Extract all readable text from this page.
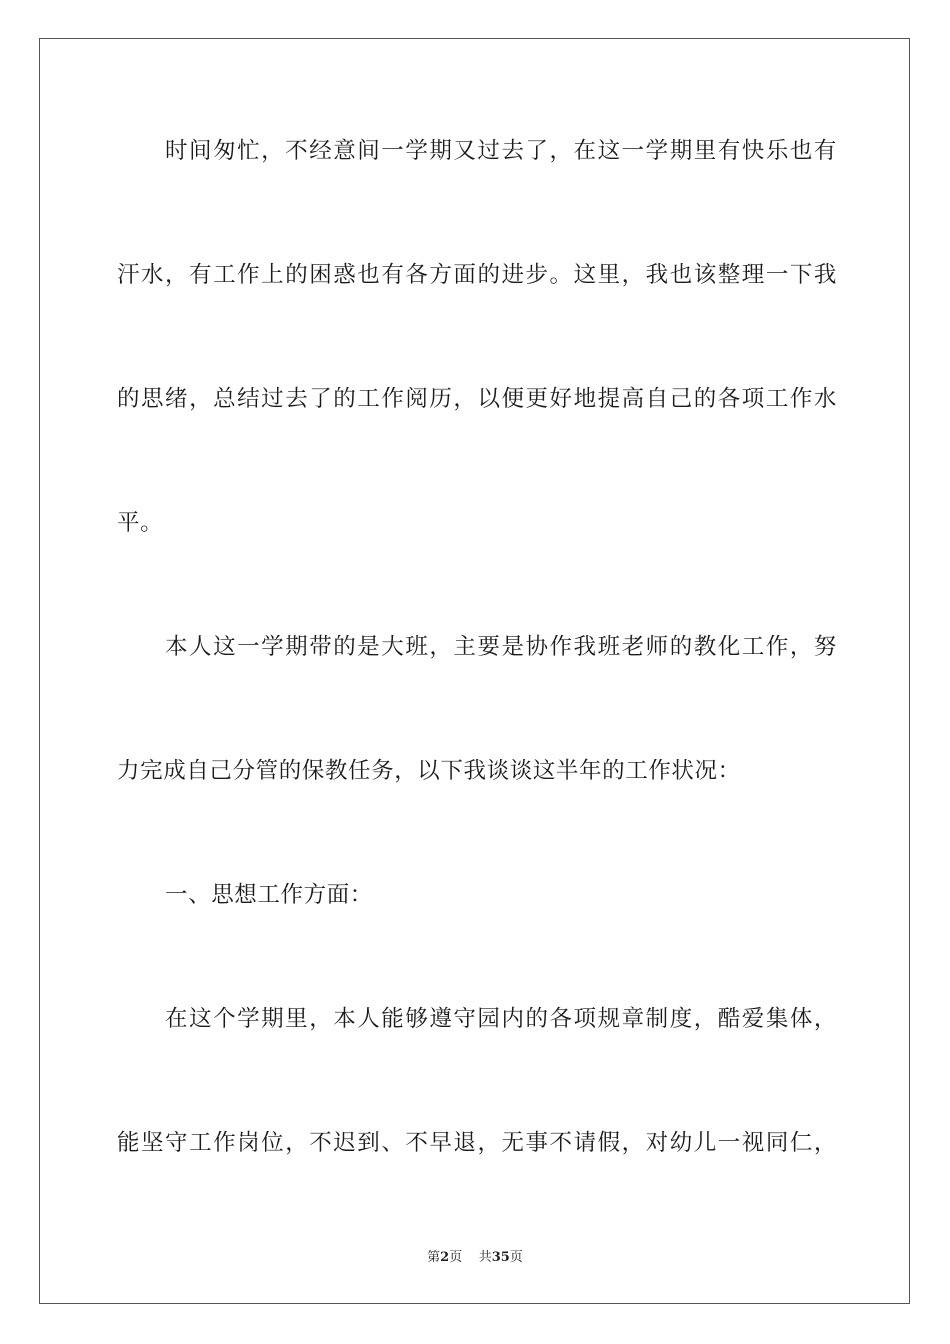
时间匆忙，不经意间一学期又过去了，在这一学期里有快乐也有
汗水，有工作上的困惑也有各方面的进步。这里，我也该整理一下我
的思绪，总结过去了的工作阅历，以便更好地提高自己的各项工作水
平。
本人这一学期带的是大班，主要是协作我班老师的教化工作，努
力完成自己分管的保教任务，以下我谈谈这半年的工作状况：
一、思想工作方面：
在这个学期里，本人能够遵守园内的各项规章制度，酷爱集体，
能坚守工作岗位，不迟到、不早退，无事不请假，对幼儿一视同仁，
第2页 共35页
